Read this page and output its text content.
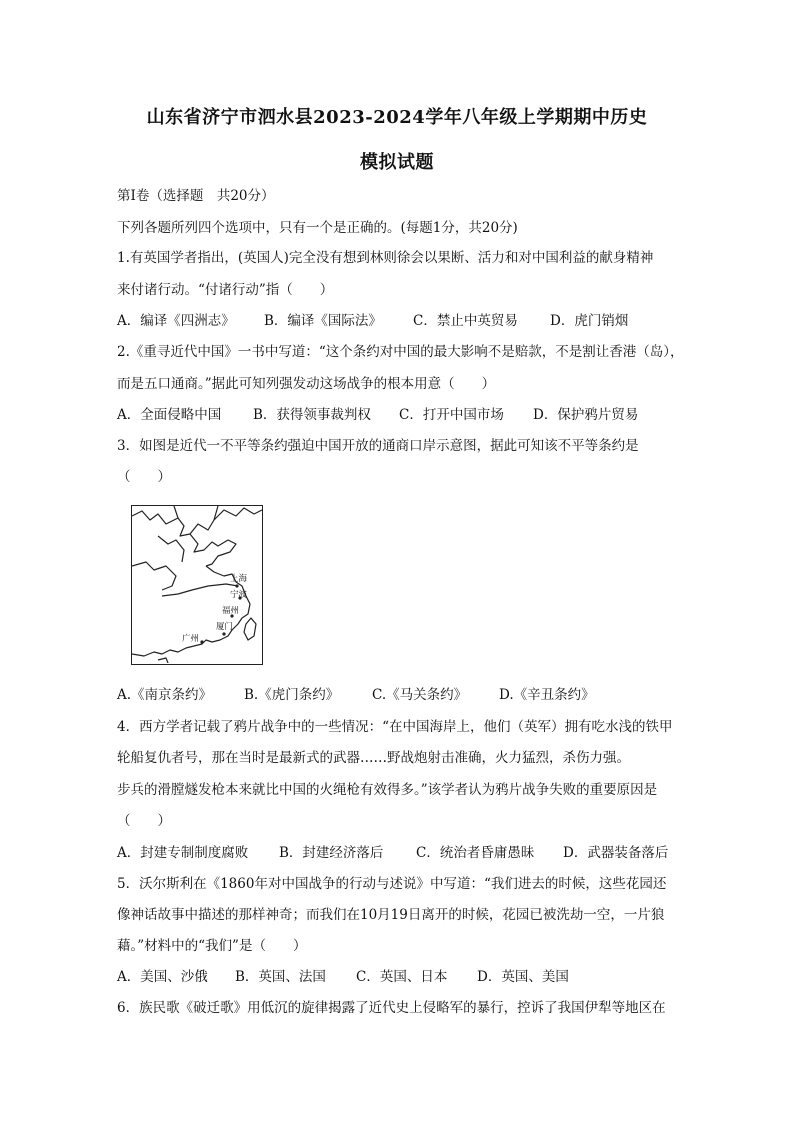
山东省济宁市泗水县2023-2024学年八年级上学期期中历史
模拟试题
第Ⅰ卷（选择题　共20分）
下列各题所列四个选项中，只有一个是正确的。(每题1分，共20分)
1.有英国学者指出，(英国人)完全没有想到林则徐会以果断、活力和对中国利益的献身精神
来付诸行动。“付诸行动”指（　　）
A．编译《四洲志》 B．编译《国际法》 C．禁止中英贸易 D．虎门销烟
2.《重寻近代中国》一书中写道：“这个条约对中国的最大影响不是赔款，不是割让香港（岛），
而是五口通商。”据此可知列强发动这场战争的根本用意（　　）
A．全面侵略中国 B．获得领事裁判权 C．打开中国市场 D．保护鸦片贸易
3．如图是近代一不平等条约强迫中国开放的通商口岸示意图，据此可知该不平等条约是
（　　）
上海
宁波
福州
厦门
广州
A.《南京条约》 B.《虎门条约》 C.《马关条约》 D.《辛丑条约》
4．西方学者记载了鸦片战争中的一些情况：“在中国海岸上，他们（英军）拥有吃水浅的铁甲
轮船复仇者号，那在当时是最新式的武器……野战炮射击准确，火力猛烈，杀伤力强。
步兵的滑膛燧发枪本来就比中国的火绳枪有效得多。”该学者认为鸦片战争失败的重要原因是
（　　）
A．封建专制制度腐败 B．封建经济落后 C．统治者昏庸愚昧 D．武器装备落后
5．沃尔斯利在《1860年对中国战争的行动与述说》中写道：“我们进去的时候，这些花园还
像神话故事中描述的那样神奇；而我们在10月19日离开的时候，花园已被洗劫一空，一片狼
藉。”材料中的“我们”是（　　）
A．美国、沙俄 B．英国、法国 C．英国、日本 D．英国、美国
6．族民歌《破迁歌》用低沉的旋律揭露了近代史上侵略军的暴行，控诉了我国伊犁等地区在
